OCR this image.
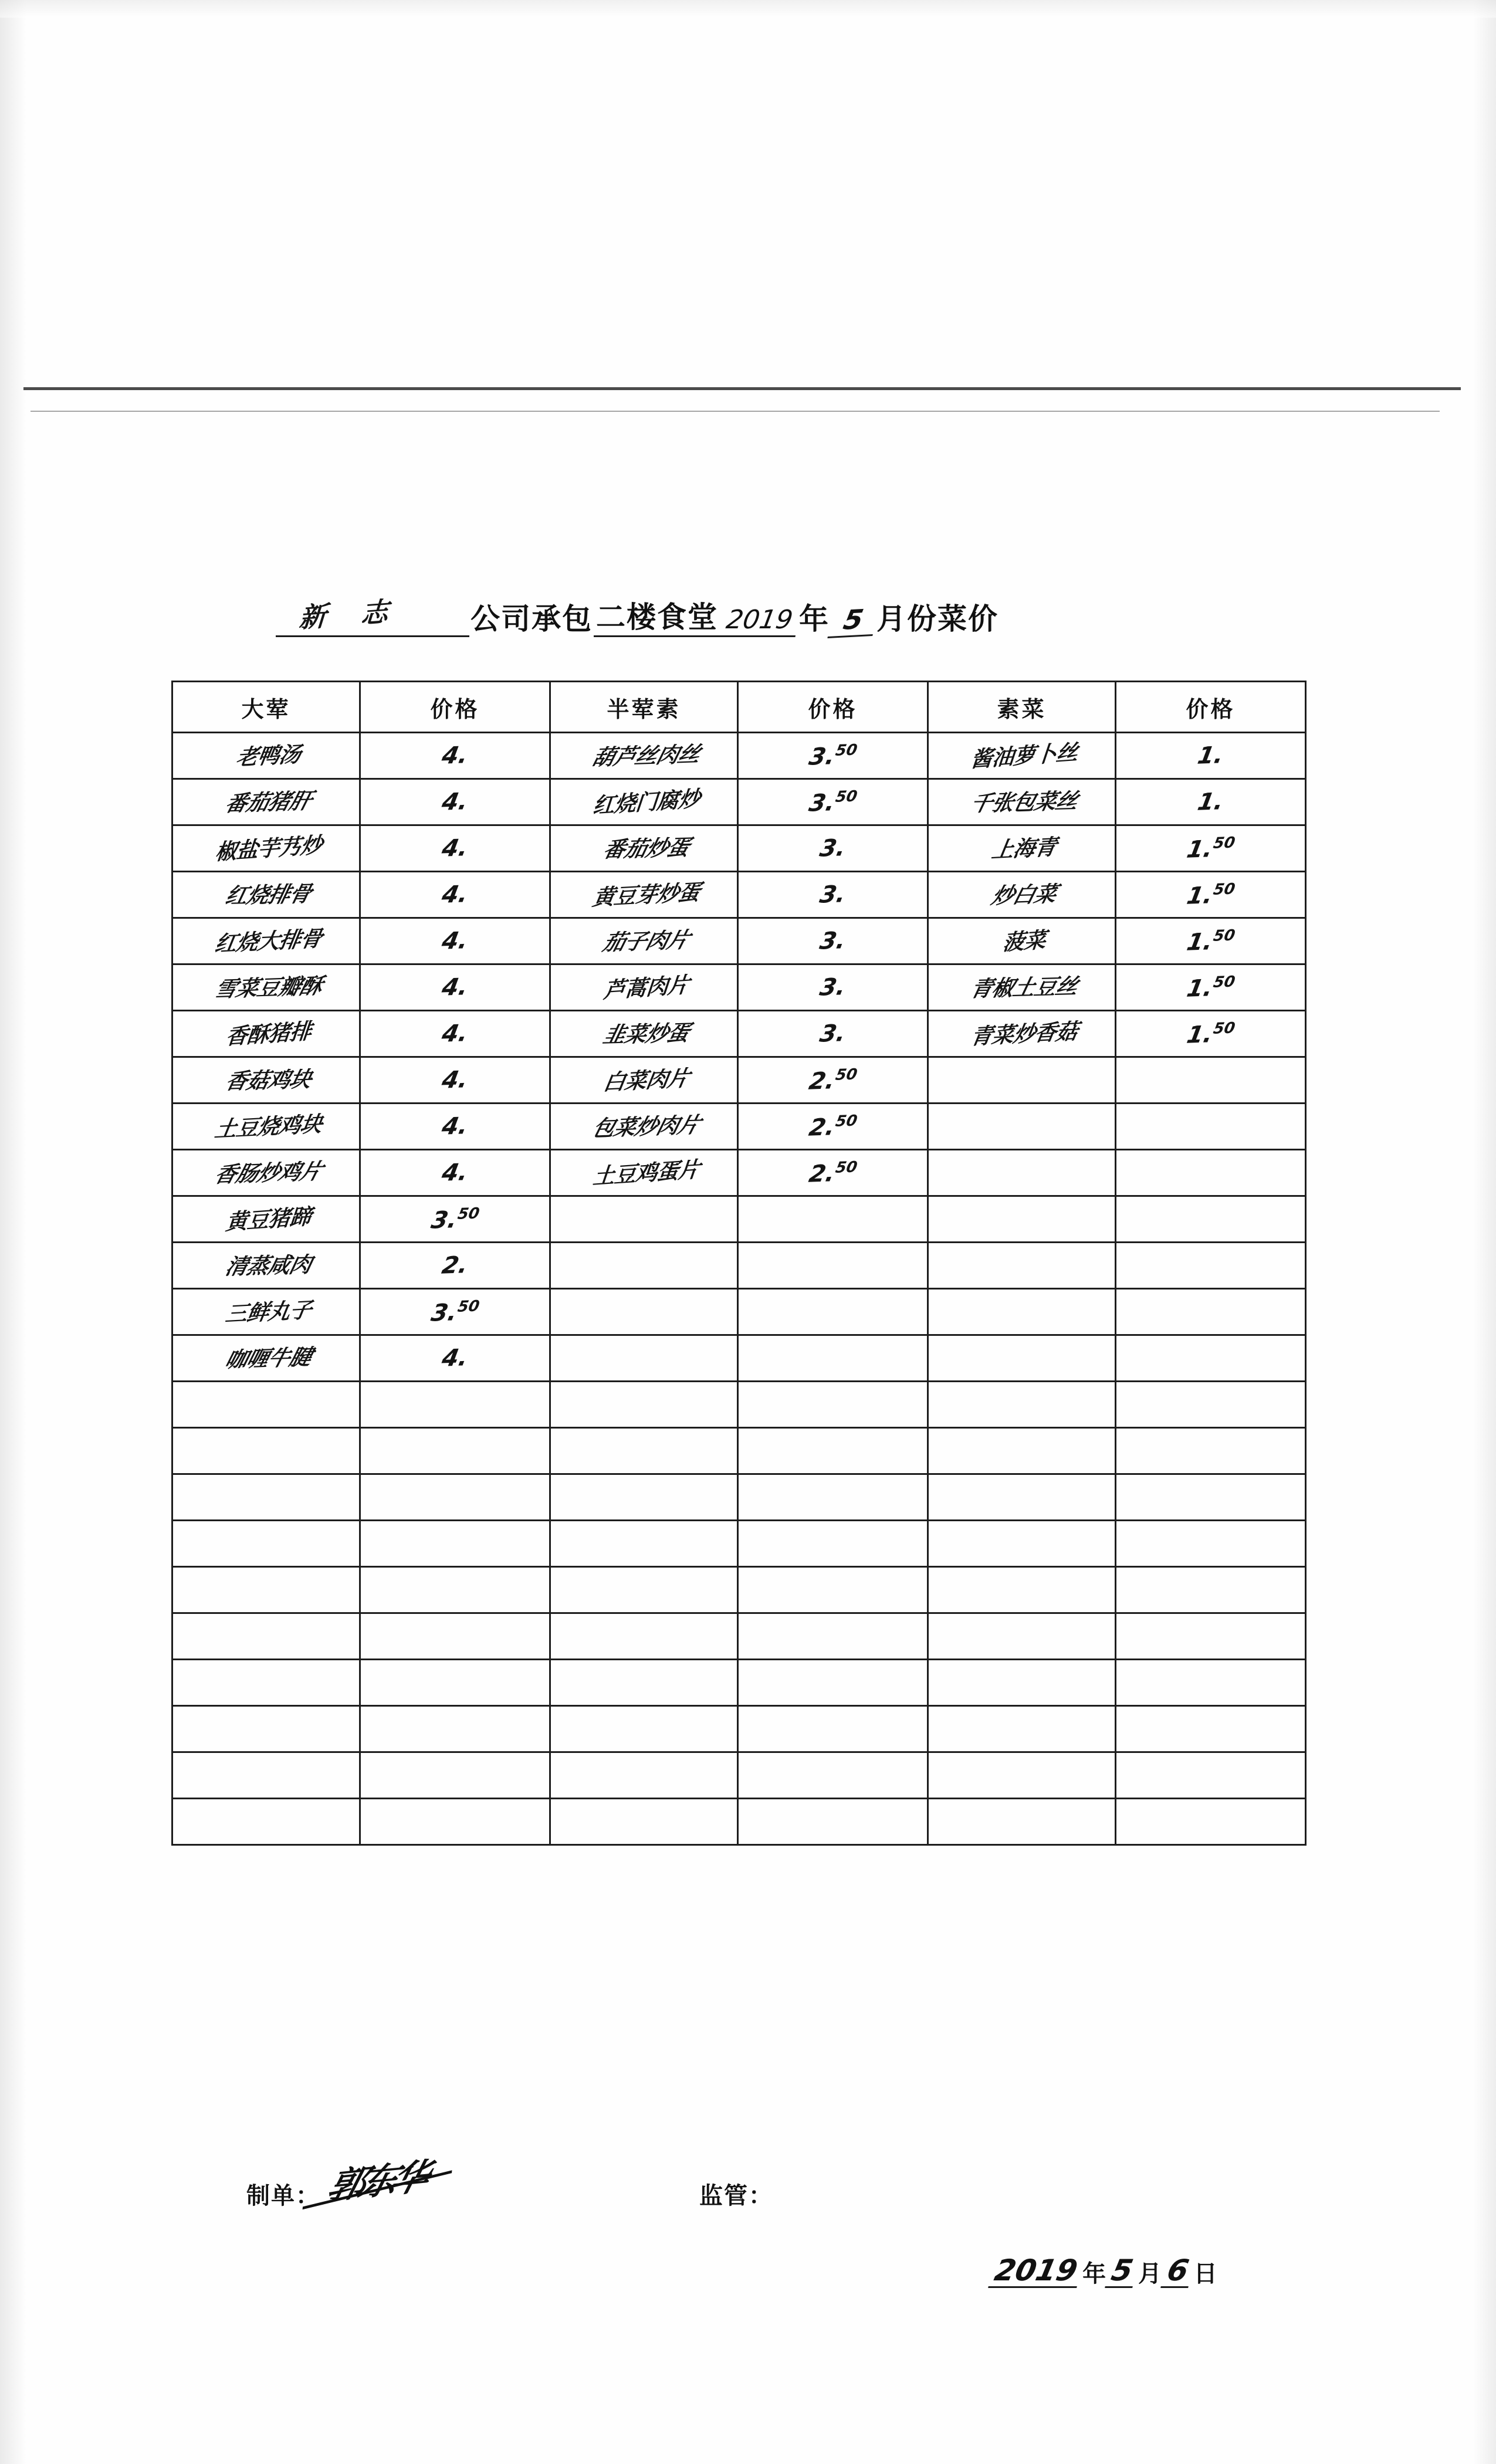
新 志 公司承包 二楼食堂 2019 年 5 月份菜价
大荤	价格	半荤素	价格	素菜	价格

老鸭汤	4.	葫芦丝肉丝	3.50	酱油萝卜丝	1.

番茄猪肝	4.	红烧门腐炒	3.50	千张包菜丝	1.

椒盐芋艿炒	4.	番茄炒蛋	3.	上海青	1.50

红烧排骨	4.	黄豆芽炒蛋	3.	炒白菜	1.50

红烧大排骨	4.	茄子肉片	3.	菠菜	1.50

雪菜豆瓣酥	4.	芦蒿肉片	3.	青椒土豆丝	1.50

香酥猪排	4.	韭菜炒蛋	3.	青菜炒香菇	1.50

香菇鸡块	4.	白菜肉片	2.50

土豆烧鸡块	4.	包菜炒肉片	2.50

香肠炒鸡片	4.	土豆鸡蛋片	2.50

黄豆猪蹄	3.50

清蒸咸肉	2.				

三鲜丸子	3.50

咖喱牛腱	4.				

制单： 郭东华	监管：
2019 年 5 月 6 日
